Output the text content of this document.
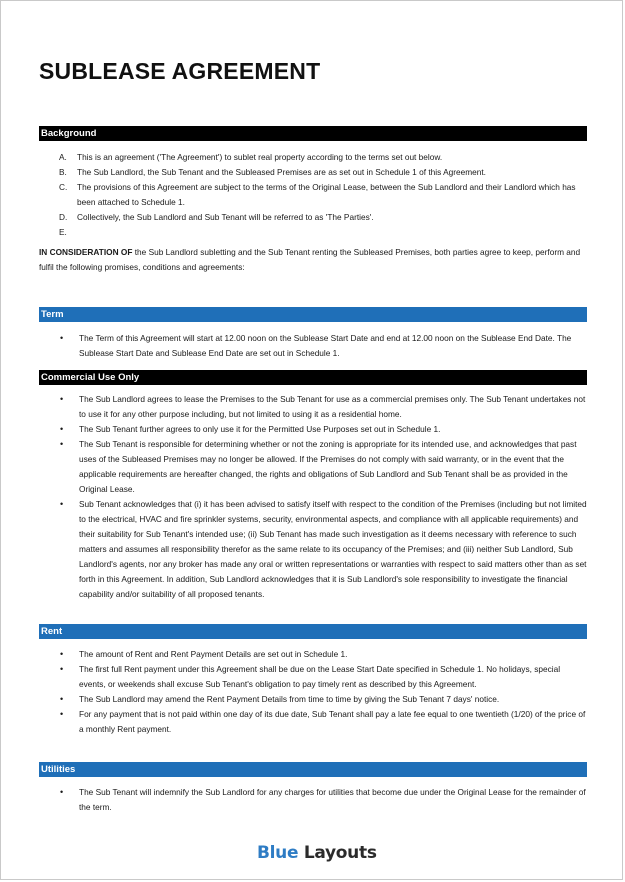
SUBLEASE AGREEMENT
Background
A. This is an agreement ('The Agreement') to sublet real property according to the terms set out below.
B. The Sub Landlord, the Sub Tenant and the Subleased Premises are as set out in Schedule 1 of this Agreement.
C. The provisions of this Agreement are subject to the terms of the Original Lease, between the Sub Landlord and their Landlord which has been attached to Schedule 1.
D. Collectively, the Sub Landlord and Sub Tenant will be referred to as 'The Parties'.
E.

IN CONSIDERATION OF the Sub Landlord subletting and the Sub Tenant renting the Subleased Premises, both parties agree to keep, perform and fulfil the following promises, conditions and agreements:
Term
• The Term of this Agreement will start at 12.00 noon on the Sublease Start Date and end at 12.00 noon on the Sublease End Date. The Sublease Start Date and Sublease End Date are set out in Schedule 1.
Commercial Use Only
• The Sub Landlord agrees to lease the Premises to the Sub Tenant for use as a commercial premises only. The Sub Tenant undertakes not to use it for any other purpose including, but not limited to using it as a residential home.
• The Sub Tenant further agrees to only use it for the Permitted Use Purposes set out in Schedule 1.
• The Sub Tenant is responsible for determining whether or not the zoning is appropriate for its intended use, and acknowledges that past uses of the Subleased Premises may no longer be allowed. If the Premises do not comply with said warranty, or in the event that the applicable requirements are hereafter changed, the rights and obligations of Sub Landlord and Sub Tenant shall be as provided in the Original Lease.
• Sub Tenant acknowledges that (i) it has been advised to satisfy itself with respect to the condition of the Premises (including but not limited to the electrical, HVAC and fire sprinkler systems, security, environmental aspects, and compliance with all applicable requirements) and their suitability for Sub Tenant's intended use; (ii) Sub Tenant has made such investigation as it deems necessary with reference to such matters and assumes all responsibility therefor as the same relate to its occupancy of the Premises; and (iii) neither Sub Landlord, Sub Landlord's agents, nor any broker has made any oral or written representations or warranties with respect to said matters other than as set forth in this Agreement. In addition, Sub Landlord acknowledges that it is Sub Landlord's sole responsibility to investigate the financial capability and/or suitability of all proposed tenants.
Rent
• The amount of Rent and Rent Payment Details are set out in Schedule 1.
• The first full Rent payment under this Agreement shall be due on the Lease Start Date specified in Schedule 1. No holidays, special events, or weekends shall excuse Sub Tenant's obligation to pay timely rent as described by this Agreement.
• The Sub Landlord may amend the Rent Payment Details from time to time by giving the Sub Tenant 7 days' notice.
• For any payment that is not paid within one day of its due date, Sub Tenant shall pay a late fee equal to one twentieth (1/20) of the price of a monthly Rent payment.
Utilities
• The Sub Tenant will indemnify the Sub Landlord for any charges for utilities that become due under the Original Lease for the remainder of the term.
Blue Layouts
